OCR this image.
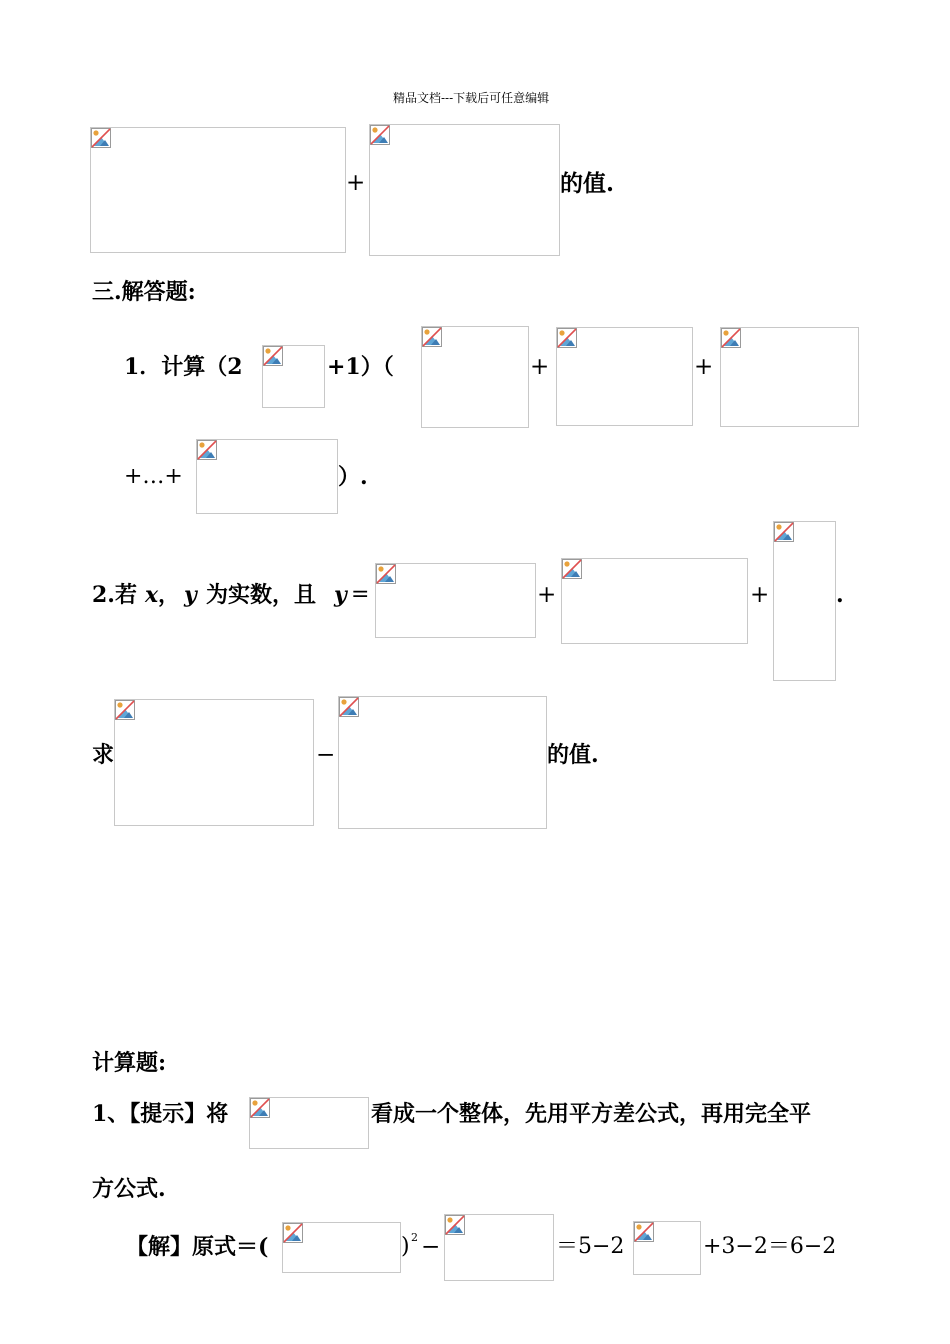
精品文档---下载后可任意编辑
+	的值.
三.解答题:
1．计算（2	+1）（	+	+
+…+	）.
2.若 x ， y 为实数，且 y =	+	+	.
求	−	的值.
计算题:
1、【提示】将	看成一个整体，先用平方差公式，再用完全平
方公式.
【解】原式＝(	) 2 −	＝5−2	+3−2＝6−2
